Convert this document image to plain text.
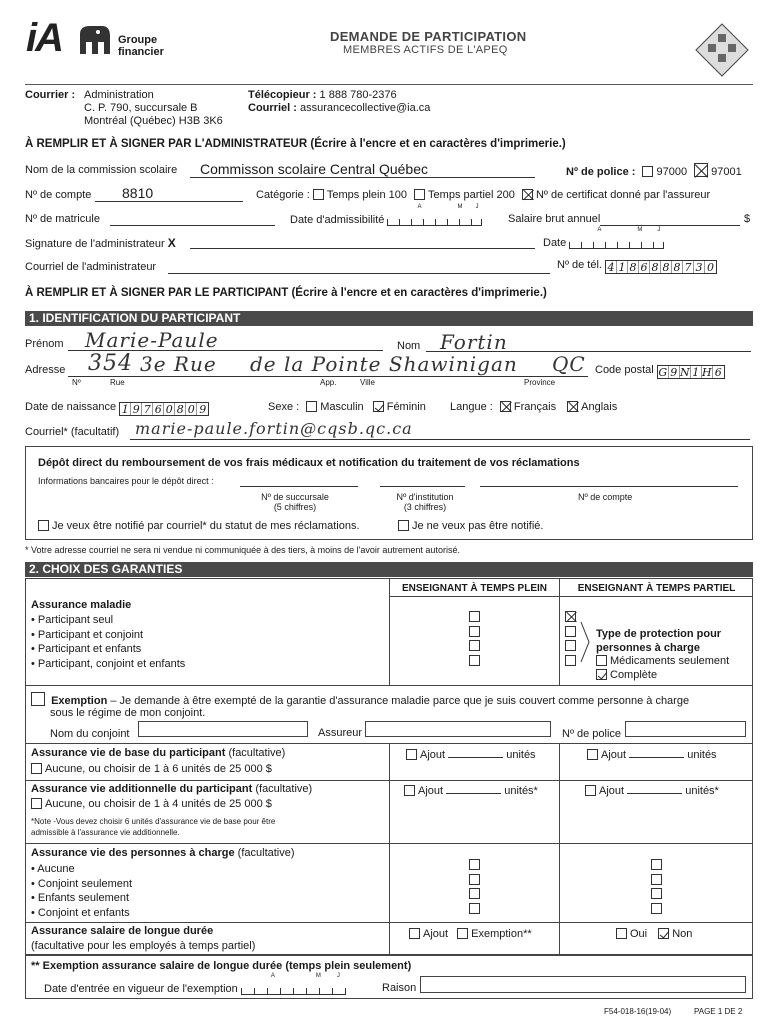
iA	Groupe
financier
DEMANDE DE PARTICIPATION
MEMBRES ACTIFS DE L'APEQ
Courrier : Administration
C. P. 790, succursale B
Montréal (Québec) H3B 3K6
Télécopieur : 1 888 780-2376
Courriel : assurancecollective@ia.ca
À REMPLIR ET À SIGNER PAR L'ADMINISTRATEUR (Écrire à l'encre et en caractères d'imprimerie.)
Nom de la commission scolaire Commisson scolaire Central Québec	Nº de police : 97000 97001
Nº de compte 8810	Catégorie : Temps plein 100 Temps partiel 200 Nº de certificat donné par l'assureur
Nº de matricule	Date d'admissibilité
A	M J
Salaire brut annuel	$
Signature de l'administrateur X	Date
A	M	J
Courriel de l'administrateur	Nº de tél. 4 1 8 6 8 8 8 7 3 0
À REMPLIR ET À SIGNER PAR LE PARTICIPANT (Écrire à l'encre et en caractères d'imprimerie.)
1. IDENTIFICATION DU PARTICIPANT
Prénom Marie-Paule	Nom Fortin
Adresse 354 3e Rue de la Pointe Shawinigan QC
Nº	Rue	App.	Ville	Province
Code postal G 9 N 1 H 6
Date de naissance 1 9 7 6 0 8 0 9	Sexe : Masculin Féminin Langue : Français Anglais
Courriel* (facultatif) marie-paule.fortin@cqsb.qc.ca
Dépôt direct du remboursement de vos frais médicaux et notification du traitement de vos réclamations
Informations bancaires pour le dépôt direct :
Nº de succursale
(5 chiffres)
Nº d'institution
(3 chiffres)
Nº de compte
Je veux être notifié par courriel* du statut de mes réclamations.	Je ne veux pas être notifié.
* Votre adresse courriel ne sera ni vendue ni communiquée à des tiers, à moins de l'avoir autrement autorisé.
2. CHOIX DES GARANTIES
ENSEIGNANT À TEMPS PLEIN	ENSEIGNANT À TEMPS PARTIEL
Assurance maladie
• Participant seul
• Participant et conjoint
• Participant et enfants
• Participant, conjoint et enfants
Type de protection pour
personnes à charge
Médicaments seulement
Complète
Exemption – Je demande à être exempté de la garantie d'assurance maladie parce que je suis couvert comme personne à charge
sous le régime de mon conjoint.
Nom du conjoint	Assureur	Nº de police
Assurance vie de base du participant (facultative)
Aucune, ou choisir de 1 à 6 unités de 25 000 $
Ajout	unités	Ajout	unités
Assurance vie additionnelle du participant (facultative)
Aucune, ou choisir de 1 à 4 unités de 25 000 $
*Note -Vous devez choisir 6 unités d'assurance vie de base pour être
admissible à l'assurance vie additionnelle.
Ajout	unités*	Ajout	unités*
Assurance vie des personnes à charge (facultative)
• Aucune
• Conjoint seulement
• Enfants seulement
• Conjoint et enfants
Assurance salaire de longue durée
(facultative pour les employés à temps partiel)
Ajout Exemption**	Oui Non
** Exemption assurance salaire de longue durée (temps plein seulement)
Date d'entrée en vigueur de l'exemption
A	M	J
Raison
F54-018-16(19-04)	PAGE 1 DE 2
